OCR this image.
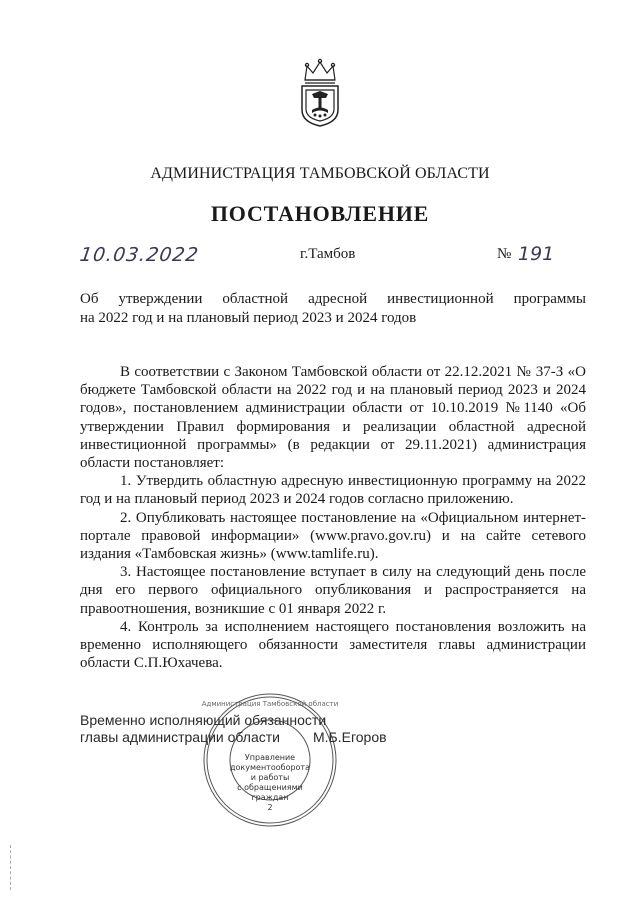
АДМИНИСТРАЦИЯ ТАМБОВСКОЙ ОБЛАСТИ
ПОСТАНОВЛЕНИЕ
10.03.2022	г.Тамбов	№ 191
Об утверждении областной адресной инвестиционной программы
на 2022 год и на плановый период 2023 и 2024 годов

В соответствии с Законом Тамбовской области от 22.12.2021 № 37-З «О бюджете Тамбовской области на 2022 год и на плановый период 2023 и 2024 годов», постановлением администрации области от 10.10.2019 №1140 «Об утверждении Правил формирования и реализации областной адресной инвестиционной программы» (в редакции от 29.11.2021) администрация области постановляет:

1. Утвердить областную адресную инвестиционную программу на 2022 год и на плановый период 2023 и 2024 годов согласно приложению.

2. Опубликовать настоящее постановление на «Официальном интернет-портале правовой информации» (www.pravo.gov.ru) и на сайте сетевого издания «Тамбовская жизнь» (www.tamlife.ru).

3. Настоящее постановление вступает в силу на следующий день после дня его первого официального опубликования и распространяется на правоотношения, возникшие с 01 января 2022 г.

4. Контроль за исполнением настоящего постановления возложить на временно исполняющего обязанности заместителя главы администрации области С.П.Юхачева.

Администрация Тамбовской области
Управление
документооборота
и работы
с обращениями
граждан
2
Временно исполняющий обязанности
главы администрации области	М.Б.Егоров
